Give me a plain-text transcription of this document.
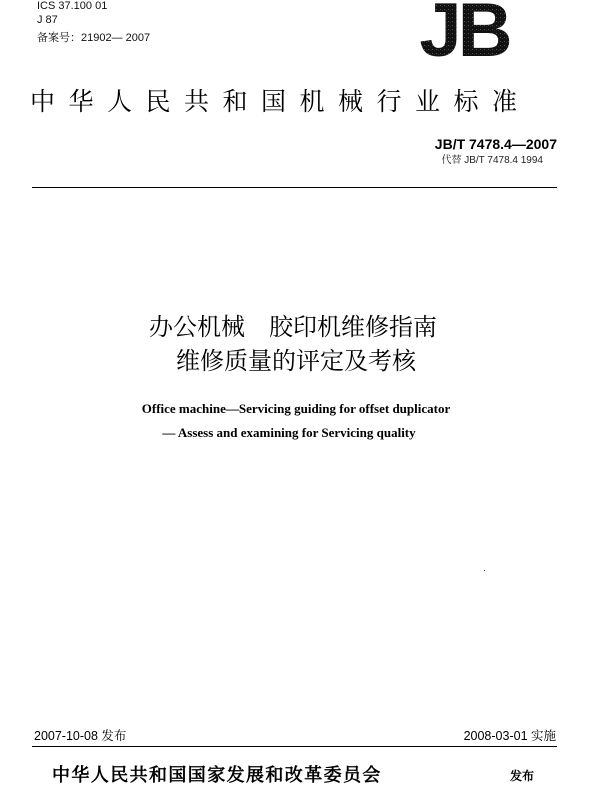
ICS 37.100 01
J 87
备案号：21902— 2007	JB
中华人民共和国机械行业标准
JB/T 7478.4—2007
代替 JB/T 7478.4 1994
办公机械　胶印机维修指南
维修质量的评定及考核
Office machine—Servicing guiding for offset duplicator
— Assess and examining for Servicing quality
2007-10-08 发布	2008-03-01 实施
中华人民共和国国家发展和改革委员会	发布
